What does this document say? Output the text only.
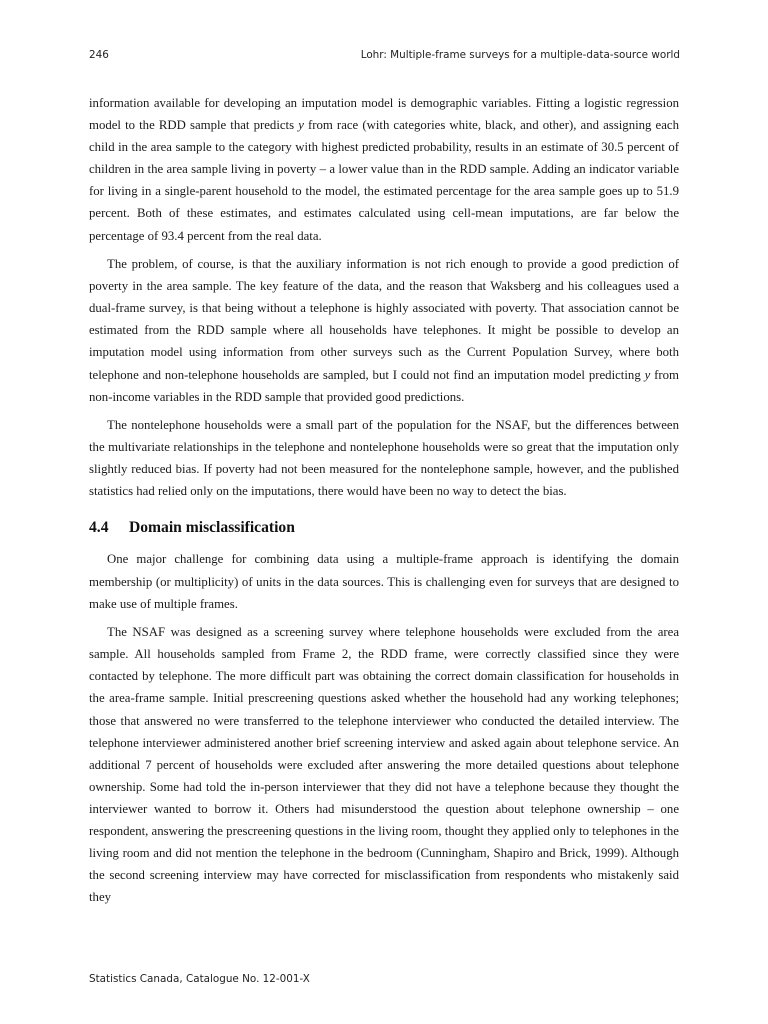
246	Lohr: Multiple-frame surveys for a multiple-data-source world

information available for developing an imputation model is demographic variables. Fitting a logistic regression model to the RDD sample that predicts y from race (with categories white, black, and other), and assigning each child in the area sample to the category with highest predicted probability, results in an estimate of 30.5 percent of children in the area sample living in poverty – a lower value than in the RDD sample. Adding an indicator variable for living in a single-parent household to the model, the estimated percentage for the area sample goes up to 51.9 percent. Both of these estimates, and estimates calculated using cell-mean imputations, are far below the percentage of 93.4 percent from the real data.

The problem, of course, is that the auxiliary information is not rich enough to provide a good prediction of poverty in the area sample. The key feature of the data, and the reason that Waksberg and his colleagues used a dual-frame survey, is that being without a telephone is highly associated with poverty. That association cannot be estimated from the RDD sample where all households have telephones. It might be possible to develop an imputation model using information from other surveys such as the Current Population Survey, where both telephone and non-telephone households are sampled, but I could not find an imputation model predicting y from non-income variables in the RDD sample that provided good predictions.

The nontelephone households were a small part of the population for the NSAF, but the differences between the multivariate relationships in the telephone and nontelephone households were so great that the imputation only slightly reduced bias. If poverty had not been measured for the nontelephone sample, however, and the published statistics had relied only on the imputations, there would have been no way to detect the bias.

4.4 Domain misclassification

One major challenge for combining data using a multiple-frame approach is identifying the domain membership (or multiplicity) of units in the data sources. This is challenging even for surveys that are designed to make use of multiple frames.

The NSAF was designed as a screening survey where telephone households were excluded from the area sample. All households sampled from Frame 2, the RDD frame, were correctly classified since they were contacted by telephone. The more difficult part was obtaining the correct domain classification for households in the area-frame sample. Initial prescreening questions asked whether the household had any working telephones; those that answered no were transferred to the telephone interviewer who conducted the detailed interview. The telephone interviewer administered another brief screening interview and asked again about telephone service. An additional 7 percent of households were excluded after answering the more detailed questions about telephone ownership. Some had told the in-person interviewer that they did not have a telephone because they thought the interviewer wanted to borrow it. Others had misunderstood the question about telephone ownership – one respondent, answering the prescreening questions in the living room, thought they applied only to telephones in the living room and did not mention the telephone in the bedroom (Cunningham, Shapiro and Brick, 1999). Although the second screening interview may have corrected for misclassification from respondents who mistakenly said they

Statistics Canada, Catalogue No. 12-001-X
